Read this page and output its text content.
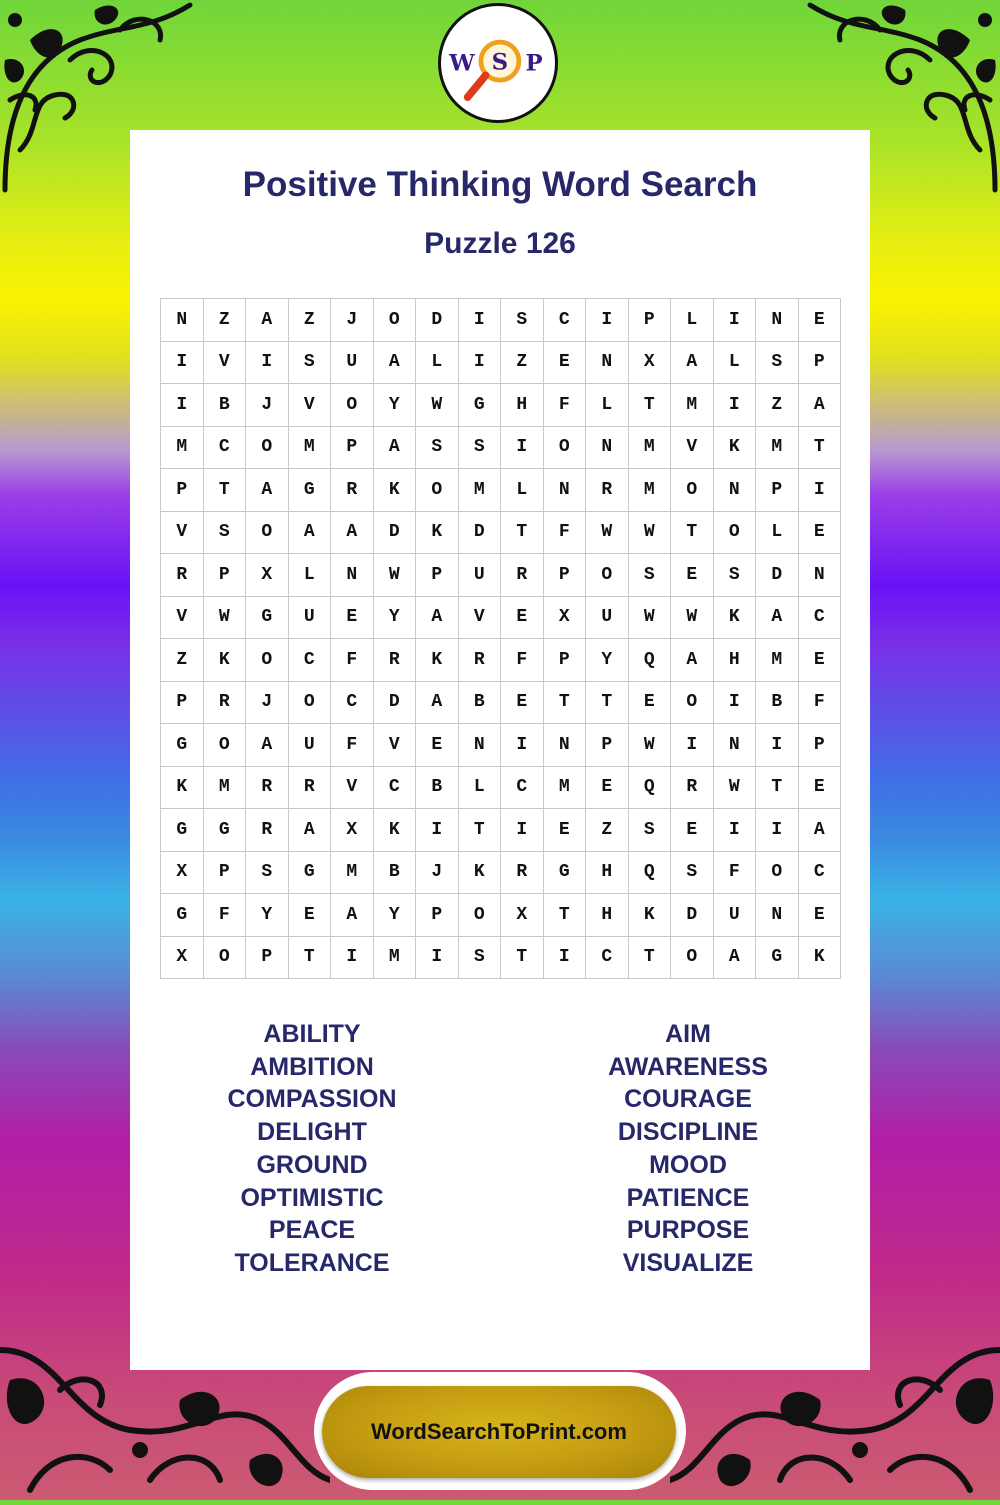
W S P
Positive Thinking Word Search
Puzzle 126
N	Z	A	Z	J	O	D	I	S	C	I	P	L	I	N	E
I	V	I	S	U	A	L	I	Z	E	N	X	A	L	S	P
I	B	J	V	O	Y	W	G	H	F	L	T	M	I	Z	A
M	C	O	M	P	A	S	S	I	O	N	M	V	K	M	T
P	T	A	G	R	K	O	M	L	N	R	M	O	N	P	I
V	S	O	A	A	D	K	D	T	F	W	W	T	O	L	E
R	P	X	L	N	W	P	U	R	P	O	S	E	S	D	N
V	W	G	U	E	Y	A	V	E	X	U	W	W	K	A	C
Z	K	O	C	F	R	K	R	F	P	Y	Q	A	H	M	E
P	R	J	O	C	D	A	B	E	T	T	E	O	I	B	F
G	O	A	U	F	V	E	N	I	N	P	W	I	N	I	P
K	M	R	R	V	C	B	L	C	M	E	Q	R	W	T	E
G	G	R	A	X	K	I	T	I	E	Z	S	E	I	I	A
X	P	S	G	M	B	J	K	R	G	H	Q	S	F	O	C
G	F	Y	E	A	Y	P	O	X	T	H	K	D	U	N	E
X	O	P	T	I	M	I	S	T	I	C	T	O	A	G	K
ABILITY
AMBITION
COMPASSION
DELIGHT
GROUND
OPTIMISTIC
PEACE
TOLERANCE
AIM
AWARENESS
COURAGE
DISCIPLINE
MOOD
PATIENCE
PURPOSE
VISUALIZE
WordSearchToPrint.com
